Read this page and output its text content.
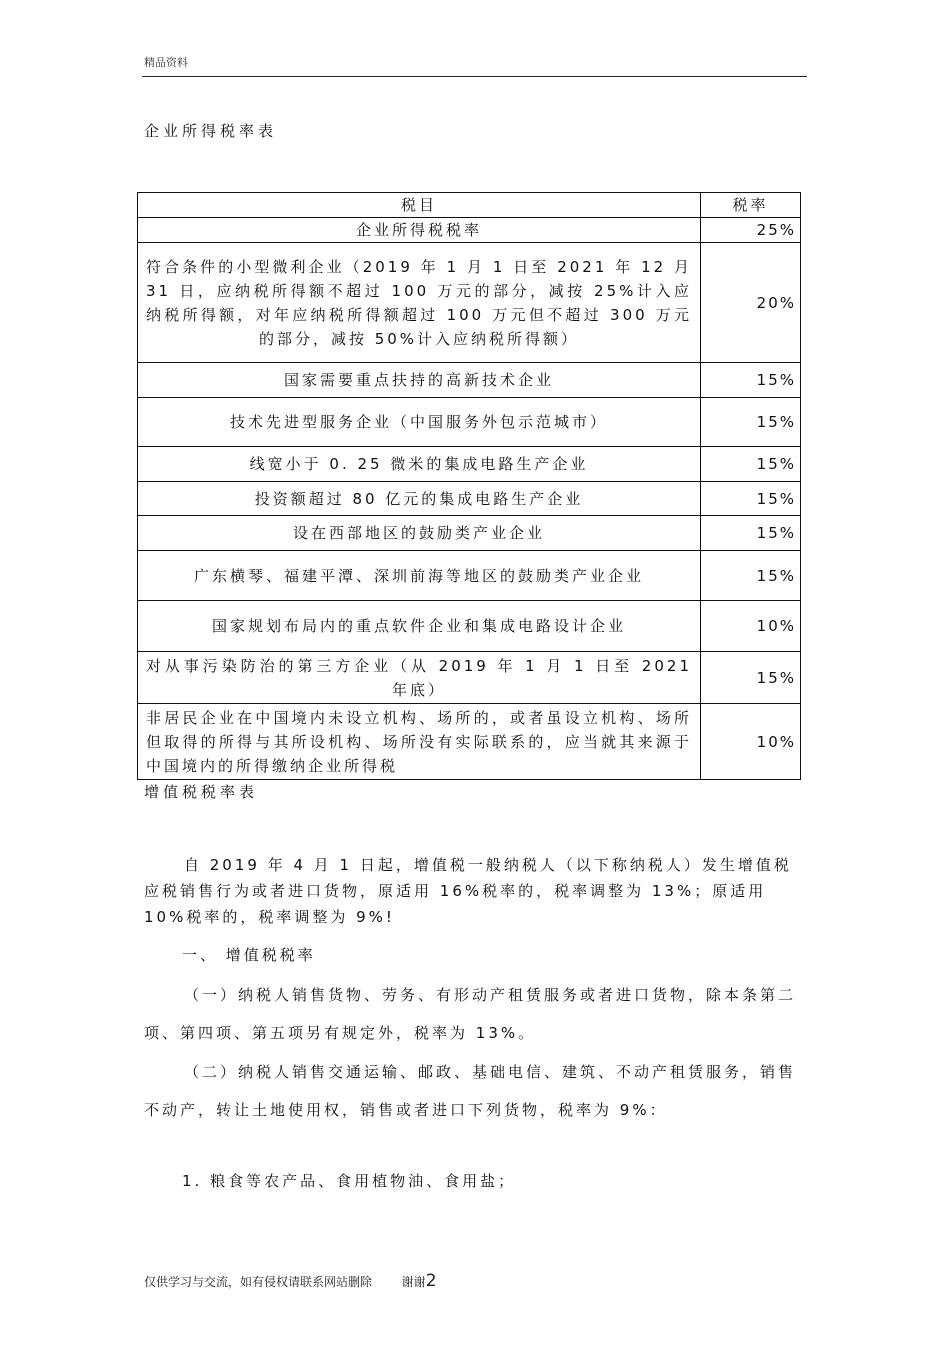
精品资料
企业所得税率表
税目	税率
企业所得税税率	25%
符合条件的小型微利企业（2019 年 1 月 1 日至 2021 年 12 月 31 日，应纳税所得额不超过 100 万元的部分，减按 25%计入应纳税所得额，对年应纳税所得额超过 100 万元但不超过 300 万元的部分，减按 50%计入应纳税所得额）	20%
国家需要重点扶持的高新技术企业	15%
技术先进型服务企业（中国服务外包示范城市）	15%
线宽小于 0. 25 微米的集成电路生产企业	15%
投资额超过 80 亿元的集成电路生产企业	15%
设在西部地区的鼓励类产业企业	15%
广东横琴、福建平潭、深圳前海等地区的鼓励类产业企业	15%
国家规划布局内的重点软件企业和集成电路设计企业	10%
对从事污染防治的第三方企业（从 2019 年 1 月 1 日至 2021 年底）	15%
非居民企业在中国境内未设立机构、场所的，或者虽设立机构、场所但取得的所得与其所设机构、场所没有实际联系的，应当就其来源于中国境内的所得缴纳企业所得税	10%
增值税税率表
自 2019 年 4 月 1 日起，增值税一般纳税人（以下称纳税人）发生增值税应税销售行为或者进口货物，原适用 16%税率的，税率调整为 13%；原适用 10%税率的，税率调整为 9%!
一、 增值税税率
（一）纳税人销售货物、劳务、有形动产租赁服务或者进口货物，除本条第二项、第四项、第五项另有规定外，税率为 13%。
（二）纳税人销售交通运输、邮政、基础电信、建筑、不动产租赁服务，销售不动产，转让土地使用权，销售或者进口下列货物，税率为 9%：
1. 粮食等农产品、食用植物油、食用盐；
仅供学习与交流，如有侵权请联系网站删除 谢谢2
